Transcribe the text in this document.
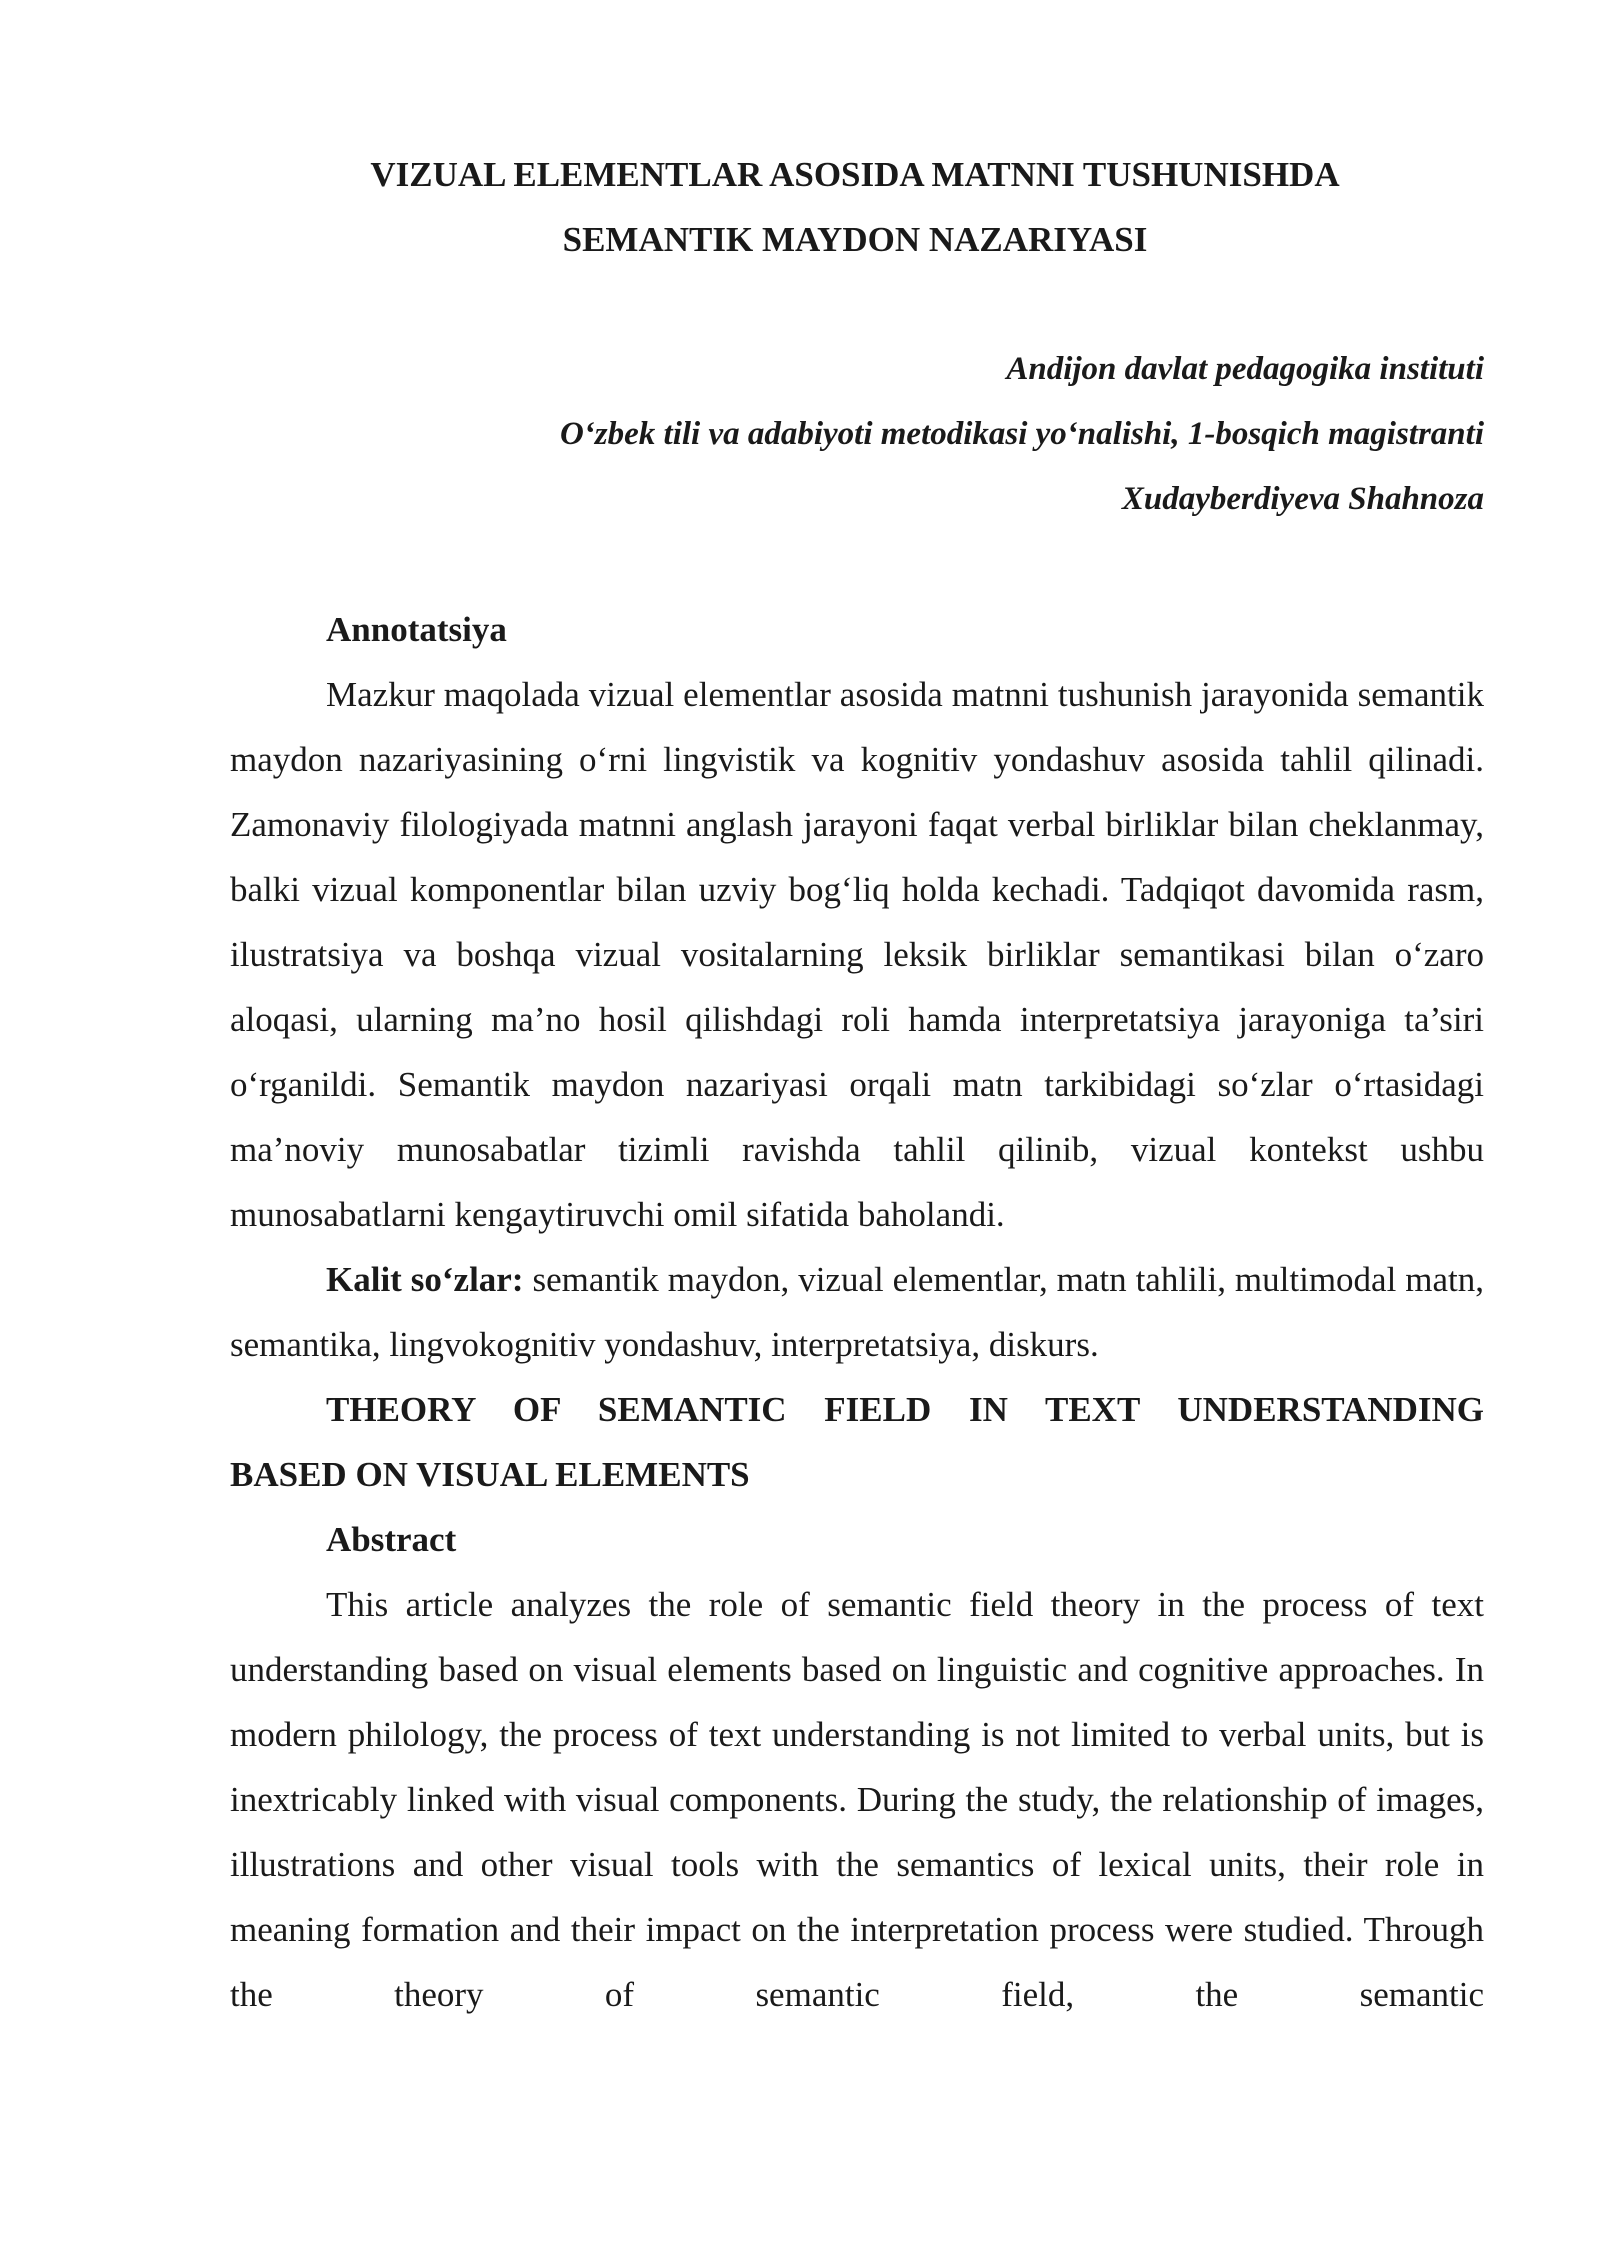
VIZUAL ELEMENTLAR ASOSIDA MATNNI TUSHUNISHDA
SEMANTIK MAYDON NAZARIYASI

Andijon davlat pedagogika instituti

O‘zbek tili va adabiyoti metodikasi yo‘nalishi, 1-bosqich magistranti

Xudayberdiyeva Shahnoza

Annotatsiya

Mazkur maqolada vizual elementlar asosida matnni tushunish jarayonida semantik maydon nazariyasining o‘rni lingvistik va kognitiv yondashuv asosida tahlil qilinadi. Zamonaviy filologiyada matnni anglash jarayoni faqat verbal birliklar bilan cheklanmay, balki vizual komponentlar bilan uzviy bog‘liq holda kechadi. Tadqiqot davomida rasm, ilustratsiya va boshqa vizual vositalarning leksik birliklar semantikasi bilan o‘zaro aloqasi, ularning ma’no hosil qilishdagi roli hamda interpretatsiya jarayoniga ta’siri o‘rganildi. Semantik maydon nazariyasi orqali matn tarkibidagi so‘zlar o‘rtasidagi ma’noviy munosabatlar tizimli ravishda tahlil qilinib, vizual kontekst ushbu munosabatlarni kengaytiruvchi omil sifatida baholandi.

Kalit so‘zlar: semantik maydon, vizual elementlar, matn tahlili, multimodal matn, semantika, lingvokognitiv yondashuv, interpretatsiya, diskurs.

THEORY OF SEMANTIC FIELD IN TEXT UNDERSTANDING

BASED ON VISUAL ELEMENTS

Abstract

This article analyzes the role of semantic field theory in the process of text understanding based on visual elements based on linguistic and cognitive approaches. In modern philology, the process of text understanding is not limited to verbal units, but is inextricably linked with visual components. During the study, the relationship of images, illustrations and other visual tools with the semantics of lexical units, their role in meaning formation and their impact on the interpretation process were studied. Through the theory of semantic field, the semantic
